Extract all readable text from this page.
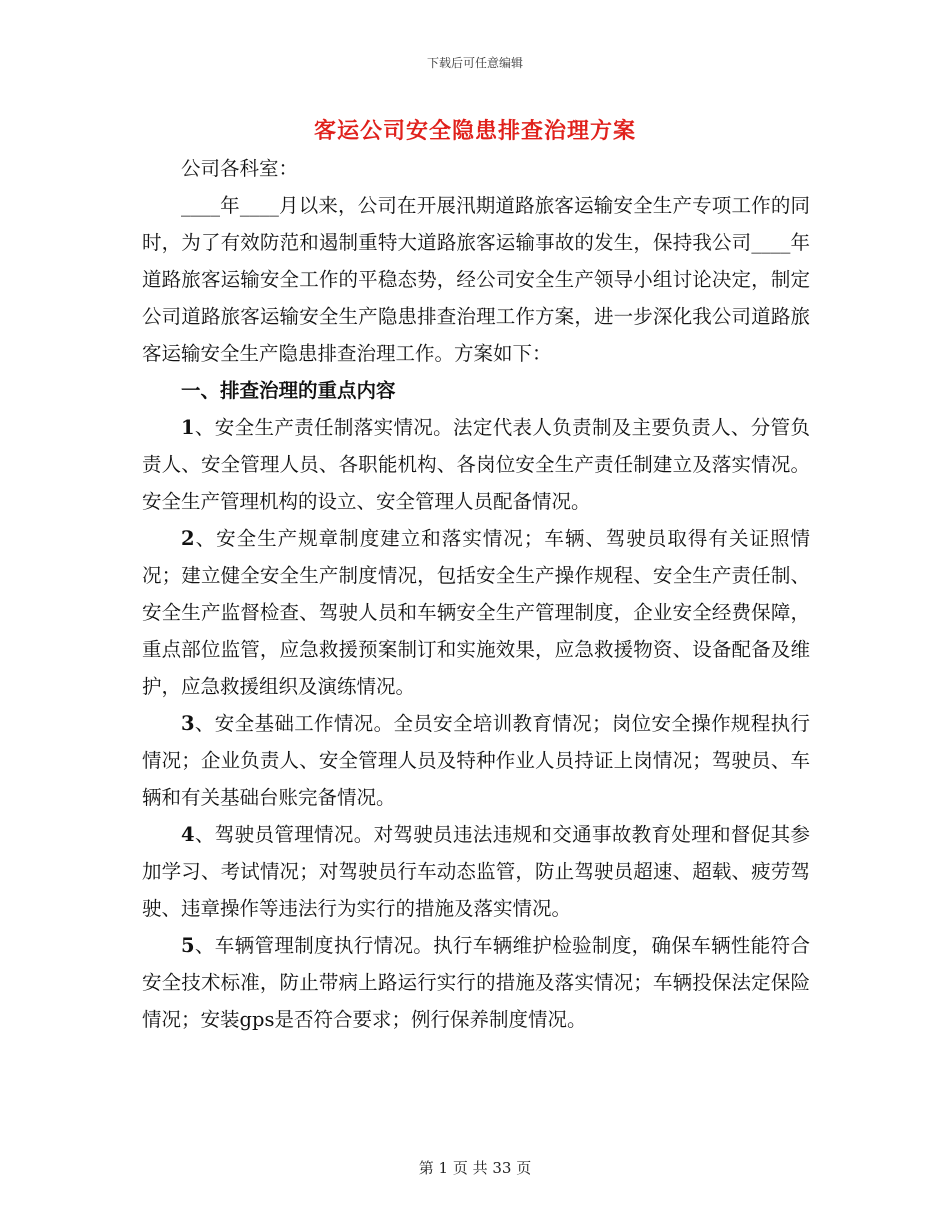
下载后可任意编辑
客运公司安全隐患排查治理方案

公司各科室：

____年____月以来，公司在开展汛期道路旅客运输安全生产专项工作的同时，为了有效防范和遏制重特大道路旅客运输事故的发生，保持我公司____年道路旅客运输安全工作的平稳态势，经公司安全生产领导小组讨论决定，制定公司道路旅客运输安全生产隐患排查治理工作方案，进一步深化我公司道路旅客运输安全生产隐患排查治理工作。方案如下：

一、排查治理的重点内容

1、安全生产责任制落实情况。法定代表人负责制及主要负责人、分管负责人、安全管理人员、各职能机构、各岗位安全生产责任制建立及落实情况。安全生产管理机构的设立、安全管理人员配备情况。

2、安全生产规章制度建立和落实情况；车辆、驾驶员取得有关证照情况；建立健全安全生产制度情况，包括安全生产操作规程、安全生产责任制、安全生产监督检查、驾驶人员和车辆安全生产管理制度，企业安全经费保障，重点部位监管，应急救援预案制订和实施效果，应急救援物资、设备配备及维护，应急救援组织及演练情况。

3、安全基础工作情况。全员安全培训教育情况；岗位安全操作规程执行情况；企业负责人、安全管理人员及特种作业人员持证上岗情况；驾驶员、车辆和有关基础台账完备情况。

4、驾驶员管理情况。对驾驶员违法违规和交通事故教育处理和督促其参加学习、考试情况；对驾驶员行车动态监管，防止驾驶员超速、超载、疲劳驾驶、违章操作等违法行为实行的措施及落实情况。

5、车辆管理制度执行情况。执行车辆维护检验制度，确保车辆性能符合安全技术标准，防止带病上路运行实行的措施及落实情况；车辆投保法定保险情况；安装gps是否符合要求；例行保养制度情况。

第 1 页 共 33 页
